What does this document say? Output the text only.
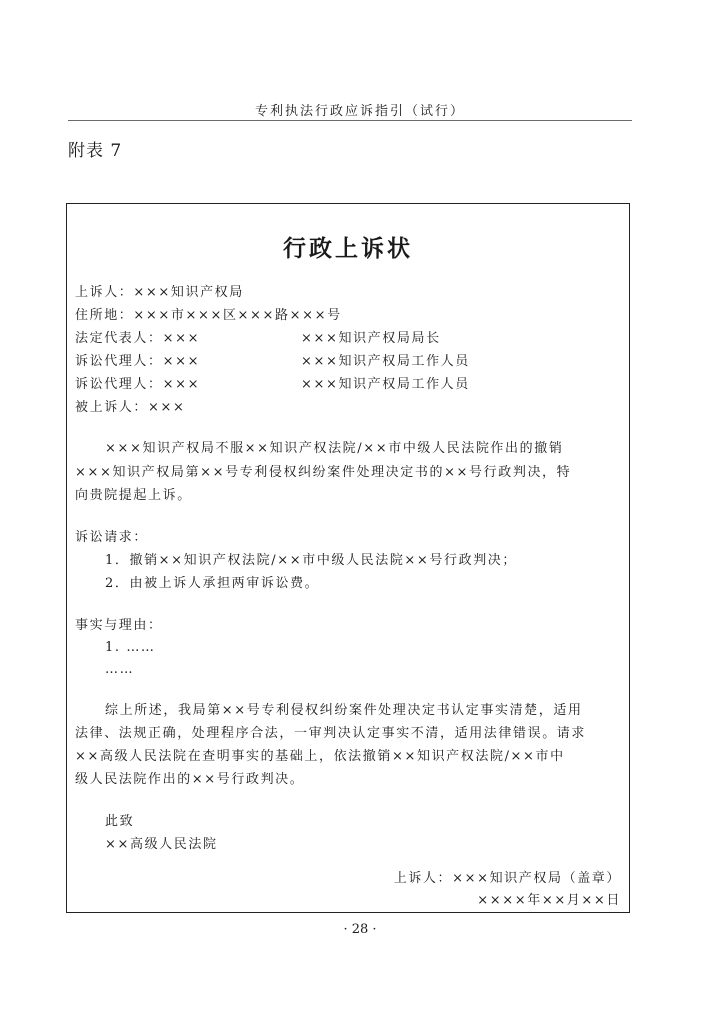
专利执法行政应诉指引（试行）
附表 7
行政上诉状
上诉人：×××知识产权局
住所地：×××市×××区×××路×××号
法定代表人：×××	×××知识产权局局长
诉讼代理人：×××	×××知识产权局工作人员
诉讼代理人：×××	×××知识产权局工作人员
被上诉人：×××
×××知识产权局不服××知识产权法院/××市中级人民法院作出的撤销
×××知识产权局第××号专利侵权纠纷案件处理决定书的××号行政判决，特
向贵院提起上诉。
诉讼请求：
1．撤销××知识产权法院/××市中级人民法院××号行政判决；
2．由被上诉人承担两审诉讼费。
事实与理由：
1. ……
……
综上所述，我局第××号专利侵权纠纷案件处理决定书认定事实清楚，适用
法律、法规正确，处理程序合法，一审判决认定事实不清，适用法律错误。请求
××高级人民法院在查明事实的基础上，依法撤销××知识产权法院/××市中
级人民法院作出的××号行政判决。
此致
××高级人民法院
上诉人：×××知识产权局（盖章）
××××年××月××日
· 28 ·
